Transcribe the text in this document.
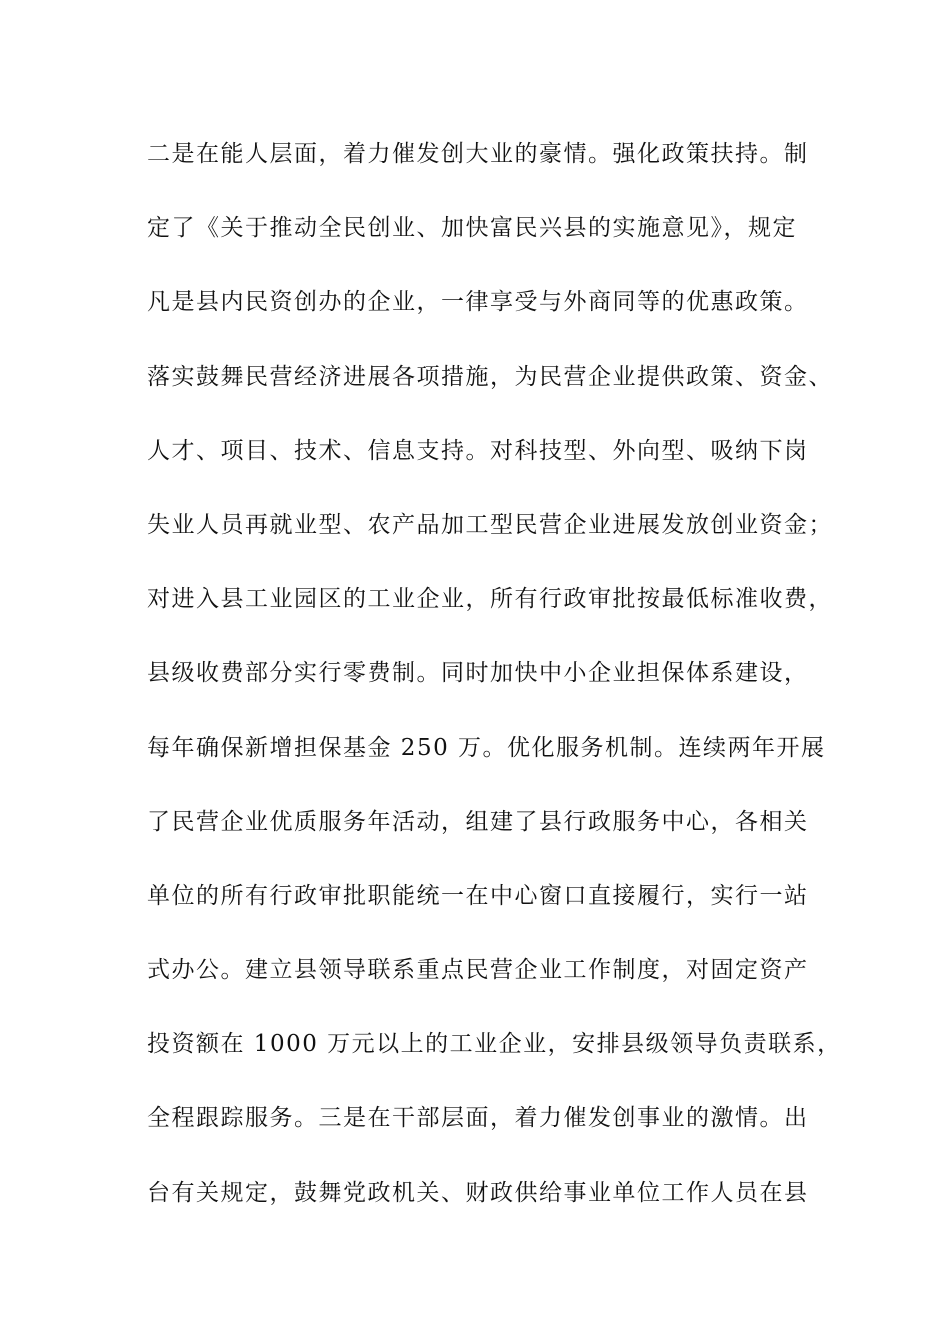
二是在能人层面，着力催发创大业的豪情。强化政策扶持。制
定了《关于推动全民创业、加快富民兴县的实施意见》，规定
凡是县内民资创办的企业，一律享受与外商同等的优惠政策。
落实鼓舞民营经济进展各项措施，为民营企业提供政策、资金、
人才、项目、技术、信息支持。对科技型、外向型、吸纳下岗
失业人员再就业型、农产品加工型民营企业进展发放创业资金；
对进入县工业园区的工业企业，所有行政审批按最低标准收费，
县级收费部分实行零费制。同时加快中小企业担保体系建设，
每年确保新增担保基金 250 万。优化服务机制。连续两年开展
了民营企业优质服务年活动，组建了县行政服务中心，各相关
单位的所有行政审批职能统一在中心窗口直接履行，实行一站
式办公。建立县领导联系重点民营企业工作制度，对固定资产
投资额在 1000 万元以上的工业企业，安排县级领导负责联系，
全程跟踪服务。三是在干部层面，着力催发创事业的激情。出
台有关规定，鼓舞党政机关、财政供给事业单位工作人员在县
